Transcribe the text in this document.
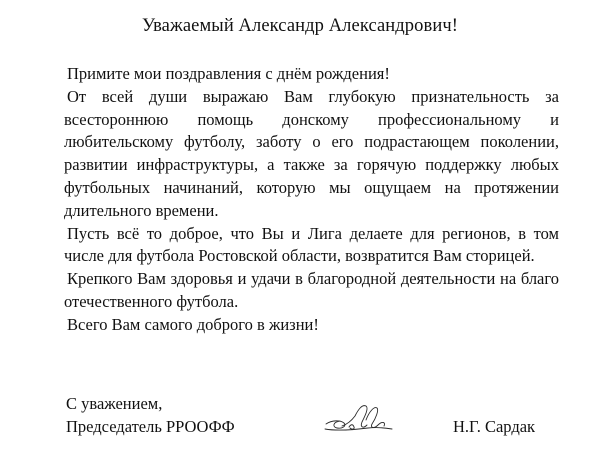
Уважаемый Александр Александрович!

Примите мои поздравления с днём рождения!

От всей души выражаю Вам глубокую признательность за всестороннюю помощь донскому профессиональному и любительскому футболу, заботу о его подрастающем поколении, развитии инфраструктуры, а также за горячую поддержку любых футбольных начинаний, которую мы ощущаем на протяжении длительного времени.

Пусть всё то доброе, что Вы и Лига делаете для регионов, в том числе для футбола Ростовской области, возвратится Вам сторицей.

Крепкого Вам здоровья и удачи в благородной деятельности на благо отечественного футбола.

Всего Вам самого доброго в жизни!

С уважением,
Председатель РРООФФ	Н.Г. Сардак
